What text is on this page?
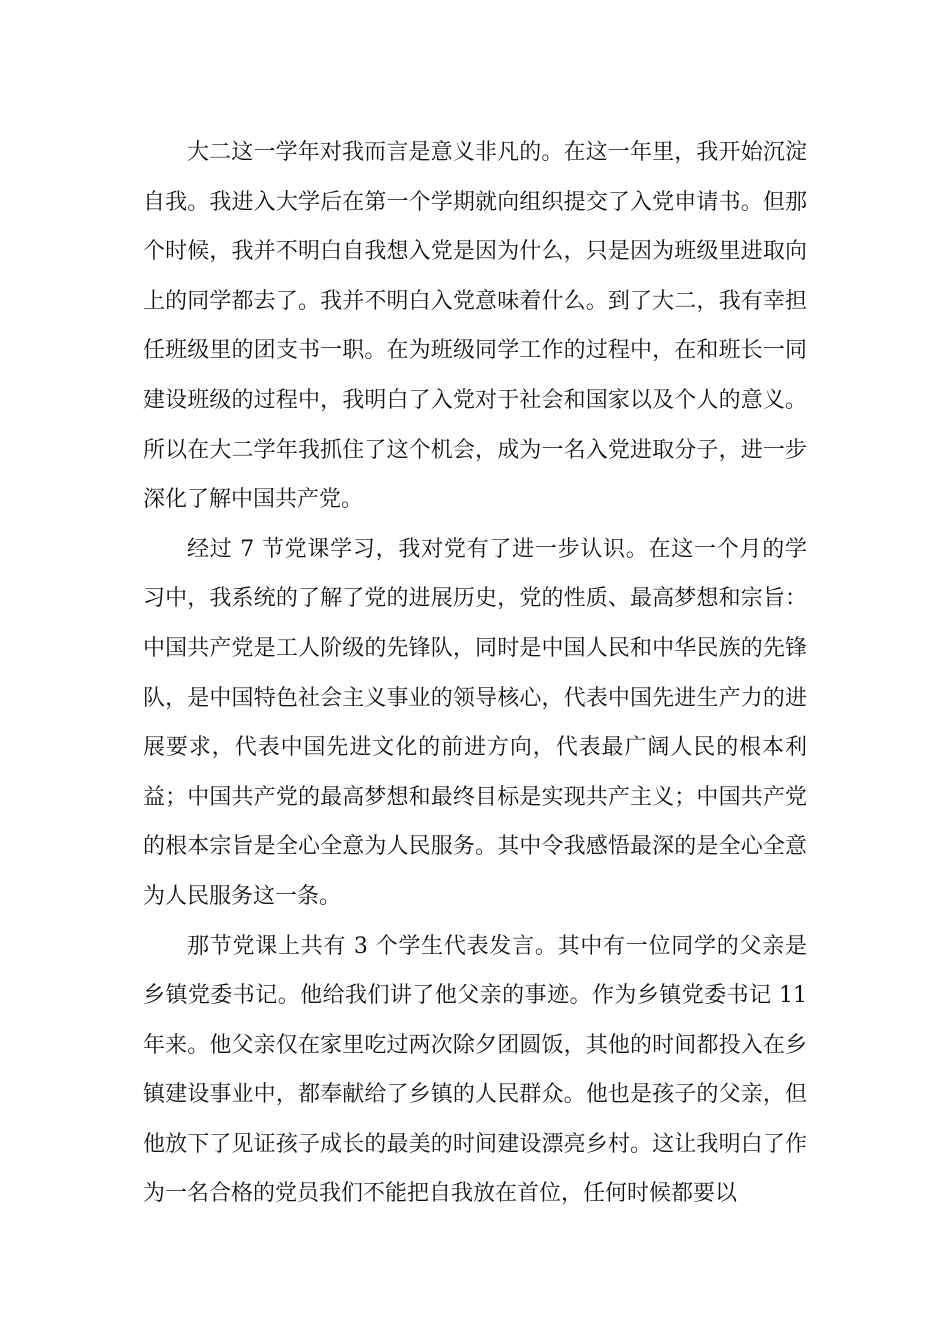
大二这一学年对我而言是意义非凡的。在这一年里，我开始沉淀自我。我进入大学后在第一个学期就向组织提交了入党申请书。但那个时候，我并不明白自我想入党是因为什么，只是因为班级里进取向上的同学都去了。我并不明白入党意味着什么。到了大二，我有幸担任班级里的团支书一职。在为班级同学工作的过程中，在和班长一同建设班级的过程中，我明白了入党对于社会和国家以及个人的意义。所以在大二学年我抓住了这个机会，成为一名入党进取分子，进一步深化了解中国共产党。

经过 7 节党课学习，我对党有了进一步认识。在这一个月的学习中，我系统的了解了党的进展历史，党的性质、最高梦想和宗旨：中国共产党是工人阶级的先锋队，同时是中国人民和中华民族的先锋队，是中国特色社会主义事业的领导核心，代表中国先进生产力的进展要求，代表中国先进文化的前进方向，代表最广阔人民的根本利益；中国共产党的最高梦想和最终目标是实现共产主义；中国共产党的根本宗旨是全心全意为人民服务。其中令我感悟最深的是全心全意为人民服务这一条。

那节党课上共有 3 个学生代表发言。其中有一位同学的父亲是乡镇党委书记。他给我们讲了他父亲的事迹。作为乡镇党委书记 11 年来。他父亲仅在家里吃过两次除夕团圆饭，其他的时间都投入在乡镇建设事业中，都奉献给了乡镇的人民群众。他也是孩子的父亲，但他放下了见证孩子成长的最美的时间建设漂亮乡村。这让我明白了作为一名合格的党员我们不能把自我放在首位，任何时候都要以
